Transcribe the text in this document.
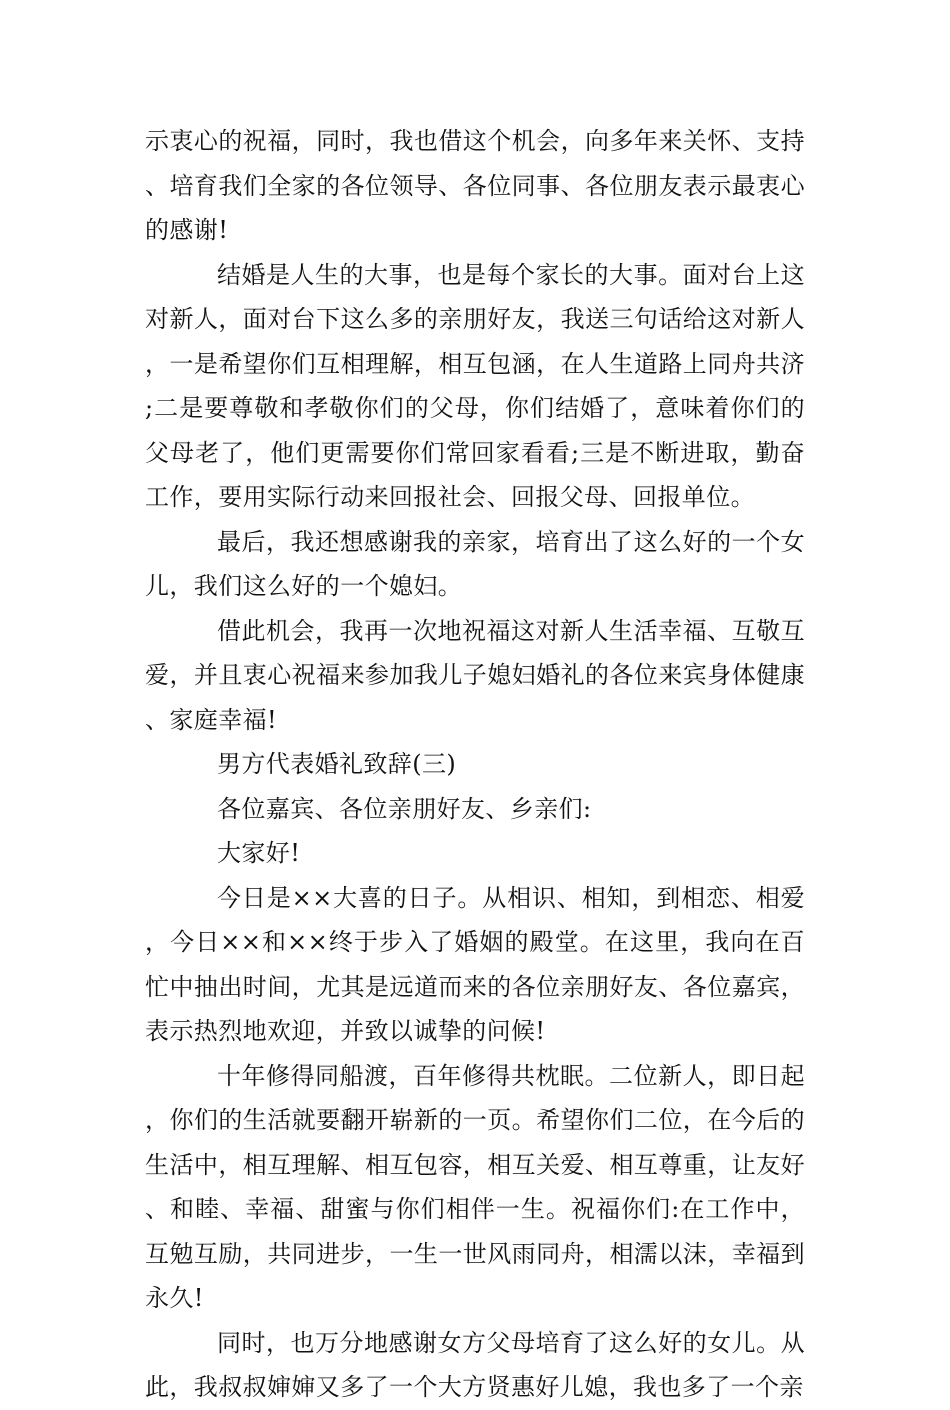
示衷心的祝福，同时，我也借这个机会，向多年来关怀、支持、培育我们全家的各位领导、各位同事、各位朋友表示最衷心的感谢!

结婚是人生的大事，也是每个家长的大事。面对台上这对新人，面对台下这么多的亲朋好友，我送三句话给这对新人，一是希望你们互相理解，相互包涵，在人生道路上同舟共济;二是要尊敬和孝敬你们的父母，你们结婚了，意味着你们的父母老了，他们更需要你们常回家看看;三是不断进取，勤奋工作，要用实际行动来回报社会、回报父母、回报单位。

最后，我还想感谢我的亲家，培育出了这么好的一个女儿，我们这么好的一个媳妇。

借此机会，我再一次地祝福这对新人生活幸福、互敬互爱，并且衷心祝福来参加我儿子媳妇婚礼的各位来宾身体健康、家庭幸福!

男方代表婚礼致辞(三)

各位嘉宾、各位亲朋好友、乡亲们:

大家好!

今日是××大喜的日子。从相识、相知，到相恋、相爱，今日××和××终于步入了婚姻的殿堂。在这里，我向在百忙中抽出时间，尤其是远道而来的各位亲朋好友、各位嘉宾，表示热烈地欢迎，并致以诚挚的问候!

十年修得同船渡，百年修得共枕眠。二位新人，即日起，你们的生活就要翻开崭新的一页。希望你们二位，在今后的生活中，相互理解、相互包容，相互关爱、相互尊重，让友好、和睦、幸福、甜蜜与你们相伴一生。祝福你们:在工作中，互勉互励，共同进步，一生一世风雨同舟，相濡以沫，幸福到永久!

同时，也万分地感谢女方父母培育了这么好的女儿。从此，我叔叔婶婶又多了一个大方贤惠好儿媳，我也多了一个亲
